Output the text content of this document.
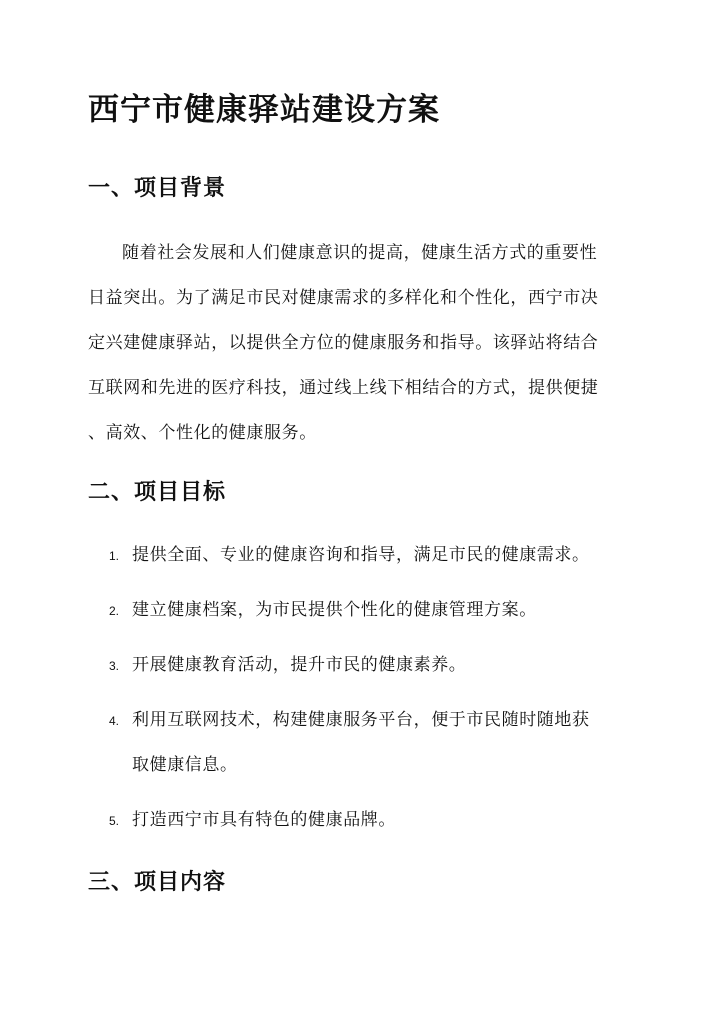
西宁市健康驿站建设方案
一、项目背景

随着社会发展和人们健康意识的提高，健康生活方式的重要性

日益突出。为了满足市民对健康需求的多样化和个性化，西宁市决

定兴建健康驿站，以提供全方位的健康服务和指导。该驿站将结合

互联网和先进的医疗科技，通过线上线下相结合的方式，提供便捷

、高效、个性化的健康服务。

二、项目目标
1. 提供全面、专业的健康咨询和指导，满足市民的健康需求。
2. 建立健康档案，为市民提供个性化的健康管理方案。
3. 开展健康教育活动，提升市民的健康素养。
4. 利用互联网技术，构建健康服务平台，便于市民随时随地获
取健康信息。
5. 打造西宁市具有特色的健康品牌。
三、项目内容
